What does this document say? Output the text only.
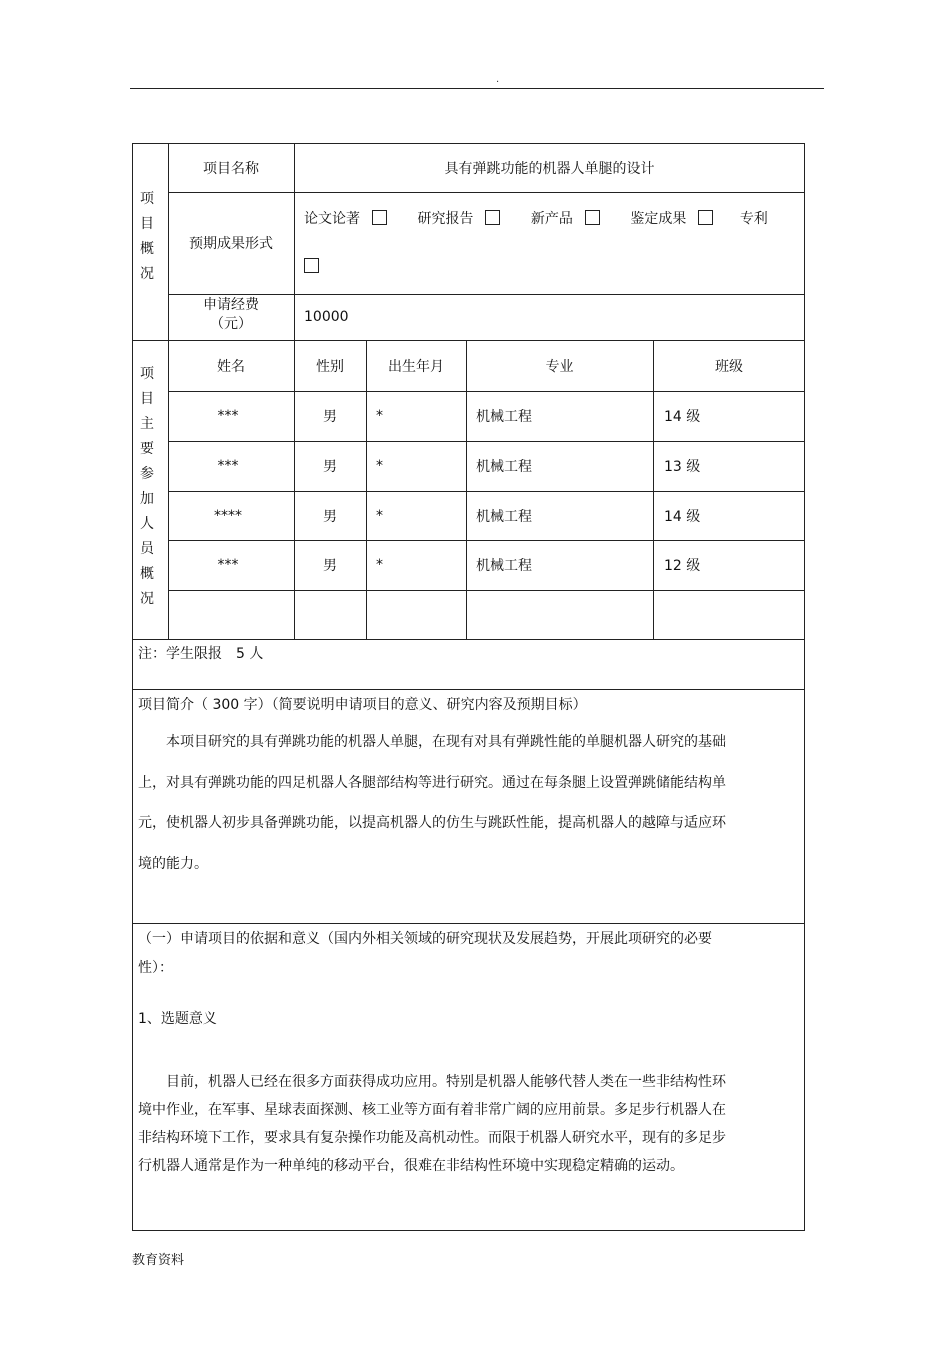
.
项
目
概
况
项目名称	具有弹跳功能的机器人单腿的设计
预期成果形式
论文论著	研究报告	新产品	鉴定成果	专利
申请经费
（元）	10000
项
目
主
要
参
加
人
员
概
况
姓名	性别	出生年月	专业	班级
***	男	*	机械工程	14 级
***	男	*	机械工程	13 级
****	男	*	机械工程	14 级
***	男	*	机械工程	12 级
注：学生限报　5 人
项目简介（ 300 字）（简要说明申请项目的意义、研究内容及预期目标）
　　本项目研究的具有弹跳功能的机器人单腿，在现有对具有弹跳性能的单腿机器人研究的基础上，对具有弹跳功能的四足机器人各腿部结构等进行研究。通过在每条腿上设置弹跳储能结构单元，使机器人初步具备弹跳功能，以提高机器人的仿生与跳跃性能，提高机器人的越障与适应环境的能力。
（一）申请项目的依据和意义（国内外相关领域的研究现状及发展趋势，开展此项研究的必要性）：
1、选题意义
　　目前，机器人已经在很多方面获得成功应用。特别是机器人能够代替人类在一些非结构性环境中作业，在军事、星球表面探测、核工业等方面有着非常广阔的应用前景。多足步行机器人在非结构环境下工作，要求具有复杂操作功能及高机动性。而限于机器人研究水平，现有的多足步行机器人通常是作为一种单纯的移动平台，很难在非结构性环境中实现稳定精确的运动。
教育资料
